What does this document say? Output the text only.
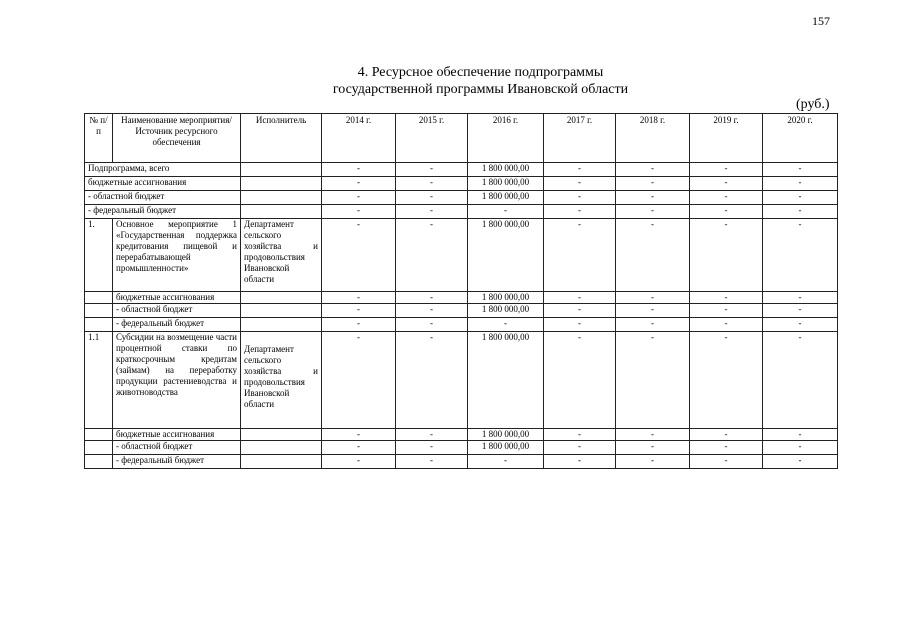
157
4. Ресурсное обеспечение подпрограммы
государственной программы Ивановской области
(руб.)
№ п/п	Наименование мероприятия/ Источник ресурсного обеспечения	Исполнитель	2014 г.	2015 г.	2016 г.	2017 г.	2018 г.	2019 г.	2020 г.
Подпрограмма, всего			-	-	1 800 000,00	-	-	-	-
бюджетные ассигнования			-	-	1 800 000,00	-	-	-	-
- областной бюджет			-	-	1 800 000,00	-	-	-	-
- федеральный бюджет			-	-	-	-	-	-	-
1.	Основное мероприятие 1 «Государственная поддержка кредитования пищевой и перерабатывающей промышленности»	Департамент сельского хозяйства и продовольствия Ивановской области	-	-	1 800 000,00	-	-	-	-
	бюджетные ассигнования		-	-	1 800 000,00	-	-	-	-
	- областной бюджет		-	-	1 800 000,00	-	-	-	-
	- федеральный бюджет		-	-	-	-	-	-	-
1.1	Субсидии на возмещение части процентной ставки по краткосрочным кредитам (займам) на переработку продукции растениеводства и животноводства	Департамент сельского хозяйства и продовольствия Ивановской области	-	-	1 800 000,00	-	-	-	-
	бюджетные ассигнования		-	-	1 800 000,00	-	-	-	-
	- областной бюджет		-	-	1 800 000,00	-	-	-	-
	- федеральный бюджет		-	-	-	-	-	-	-
